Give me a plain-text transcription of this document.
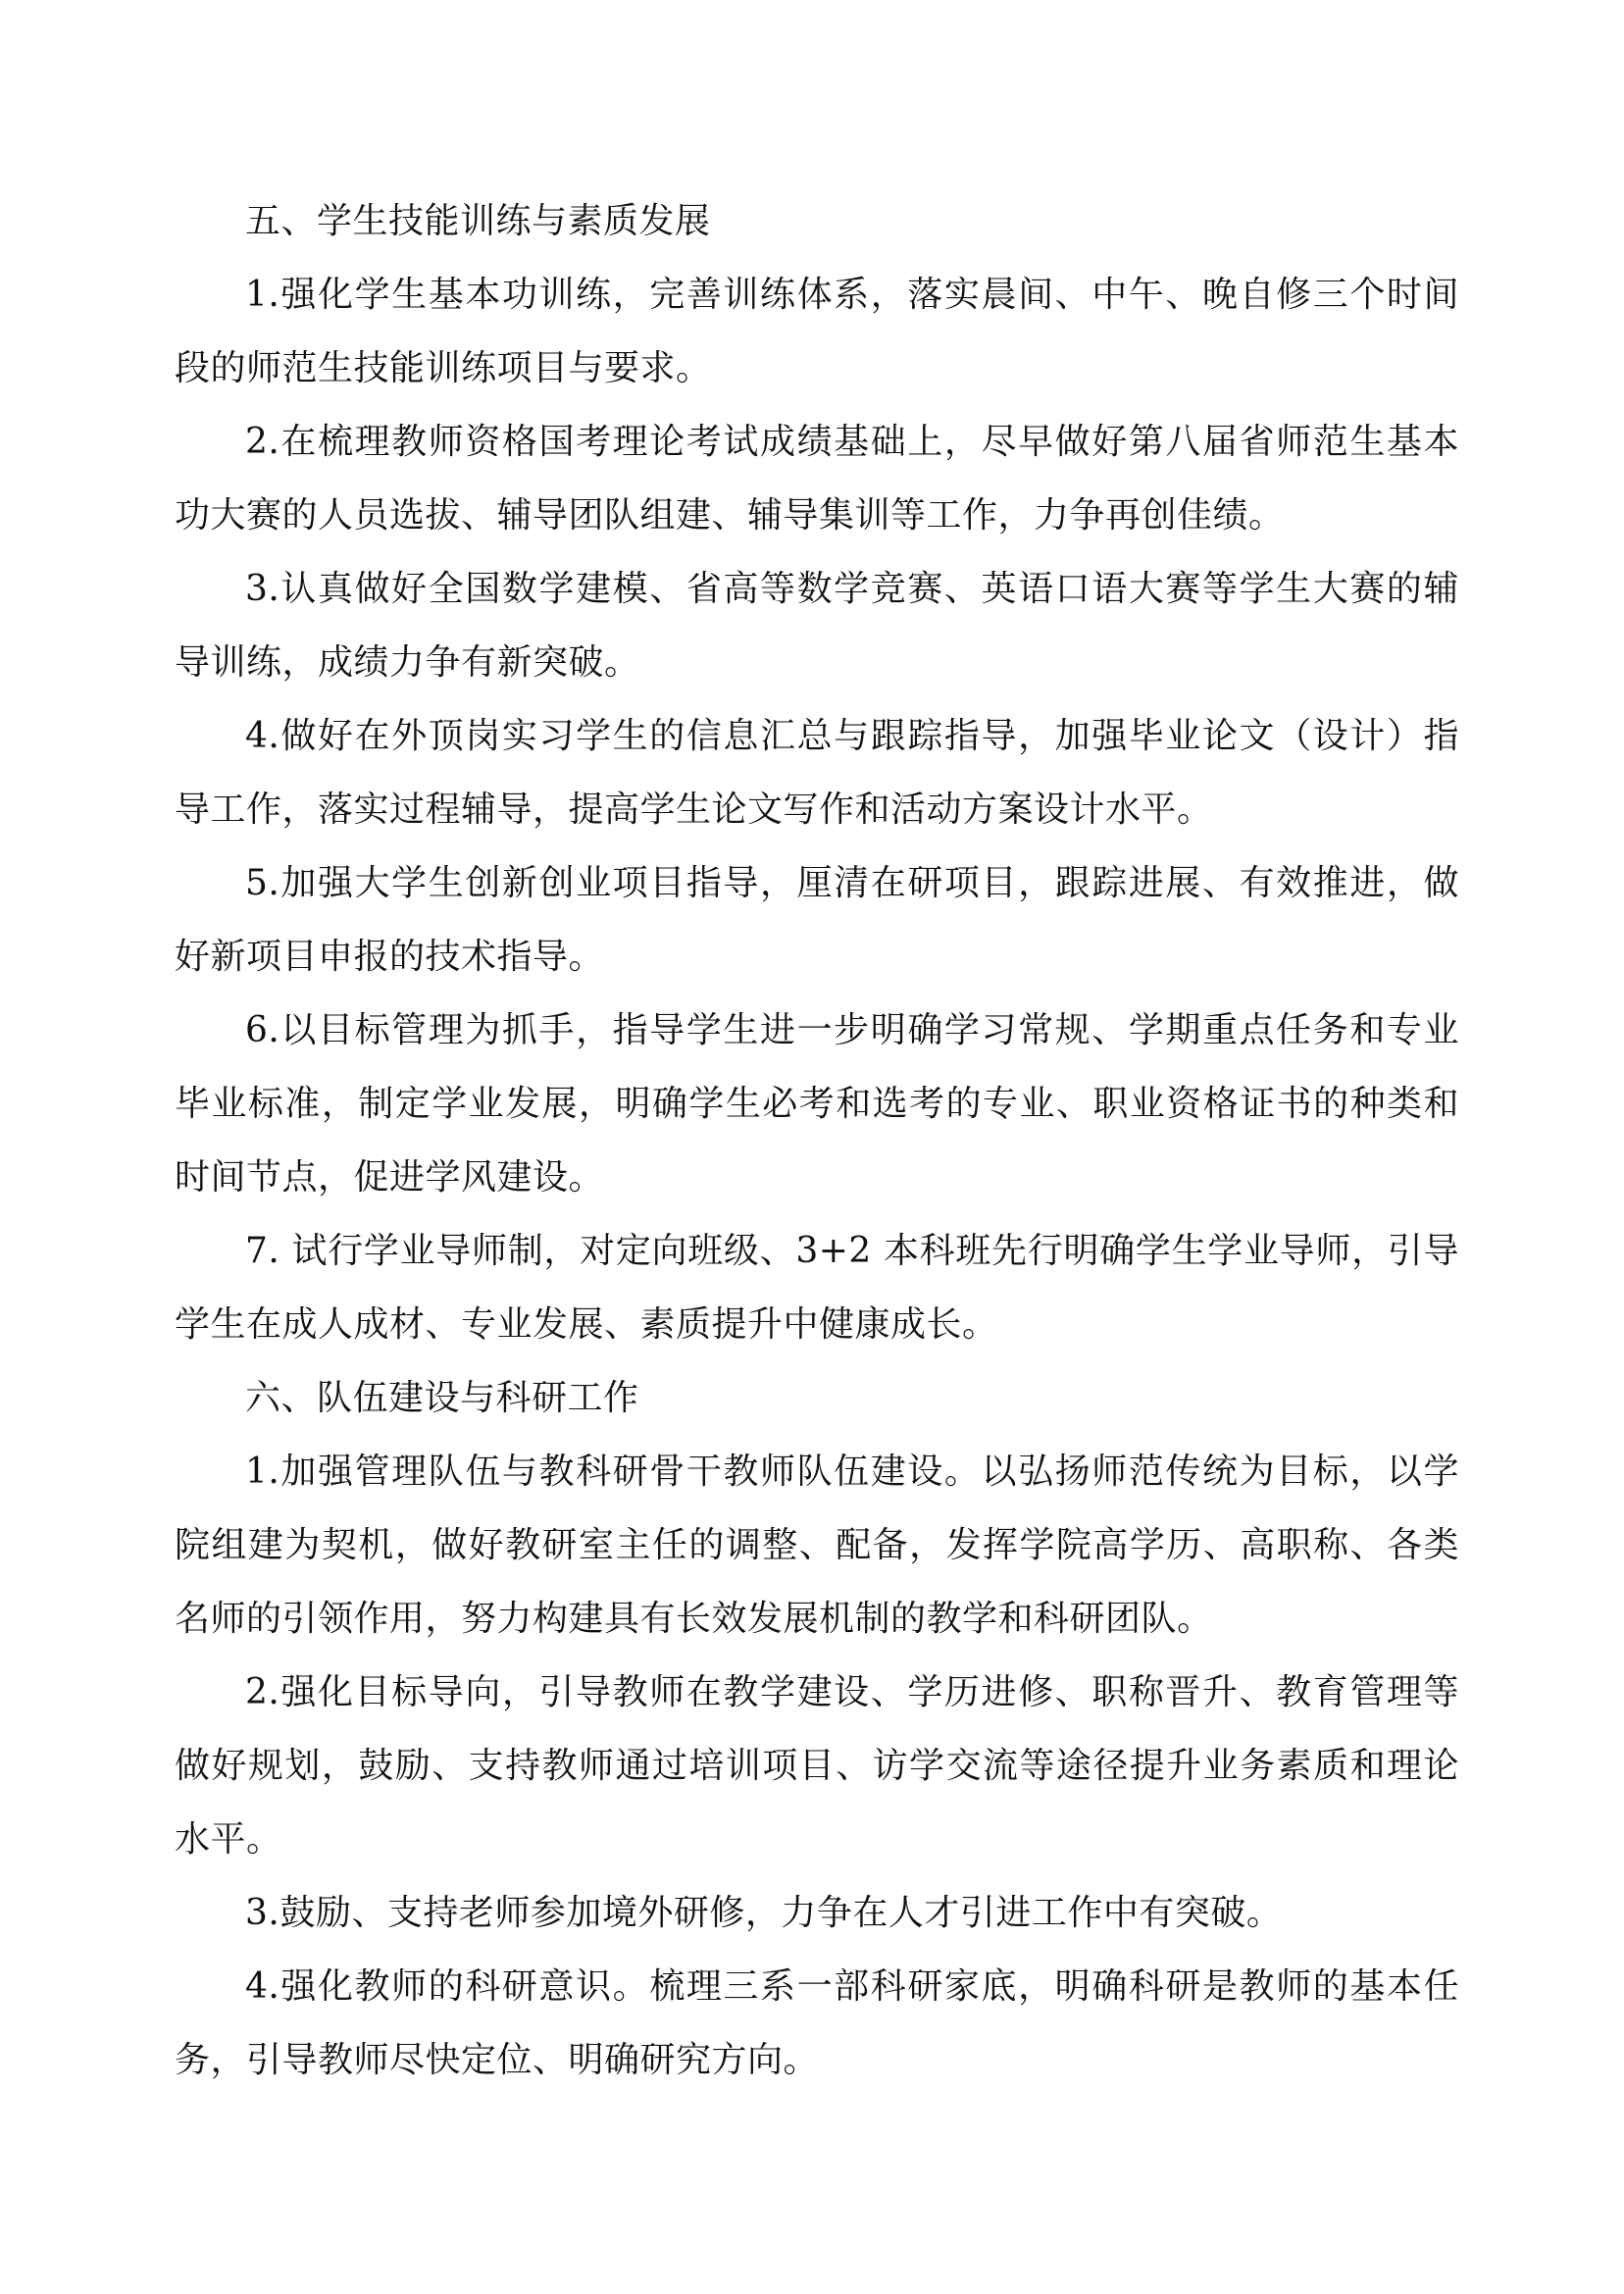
五、学生技能训练与素质发展

1.强化学生基本功训练，完善训练体系，落实晨间、中午、晚自修三个时间段的师范生技能训练项目与要求。

2.在梳理教师资格国考理论考试成绩基础上，尽早做好第八届省师范生基本功大赛的人员选拔、辅导团队组建、辅导集训等工作，力争再创佳绩。

3.认真做好全国数学建模、省高等数学竞赛、英语口语大赛等学生大赛的辅导训练，成绩力争有新突破。

4.做好在外顶岗实习学生的信息汇总与跟踪指导，加强毕业论文（设计）指导工作，落实过程辅导，提高学生论文写作和活动方案设计水平。

5.加强大学生创新创业项目指导，厘清在研项目，跟踪进展、有效推进，做好新项目申报的技术指导。

6.以目标管理为抓手，指导学生进一步明确学习常规、学期重点任务和专业毕业标准，制定学业发展，明确学生必考和选考的专业、职业资格证书的种类和时间节点，促进学风建设。

7. 试行学业导师制，对定向班级、3+2 本科班先行明确学生学业导师，引导学生在成人成材、专业发展、素质提升中健康成长。

六、队伍建设与科研工作

1.加强管理队伍与教科研骨干教师队伍建设。以弘扬师范传统为目标，以学院组建为契机，做好教研室主任的调整、配备，发挥学院高学历、高职称、各类名师的引领作用，努力构建具有长效发展机制的教学和科研团队。

2.强化目标导向，引导教师在教学建设、学历进修、职称晋升、教育管理等做好规划，鼓励、支持教师通过培训项目、访学交流等途径提升业务素质和理论水平。

3.鼓励、支持老师参加境外研修，力争在人才引进工作中有突破。

4.强化教师的科研意识。梳理三系一部科研家底，明确科研是教师的基本任务，引导教师尽快定位、明确研究方向。
